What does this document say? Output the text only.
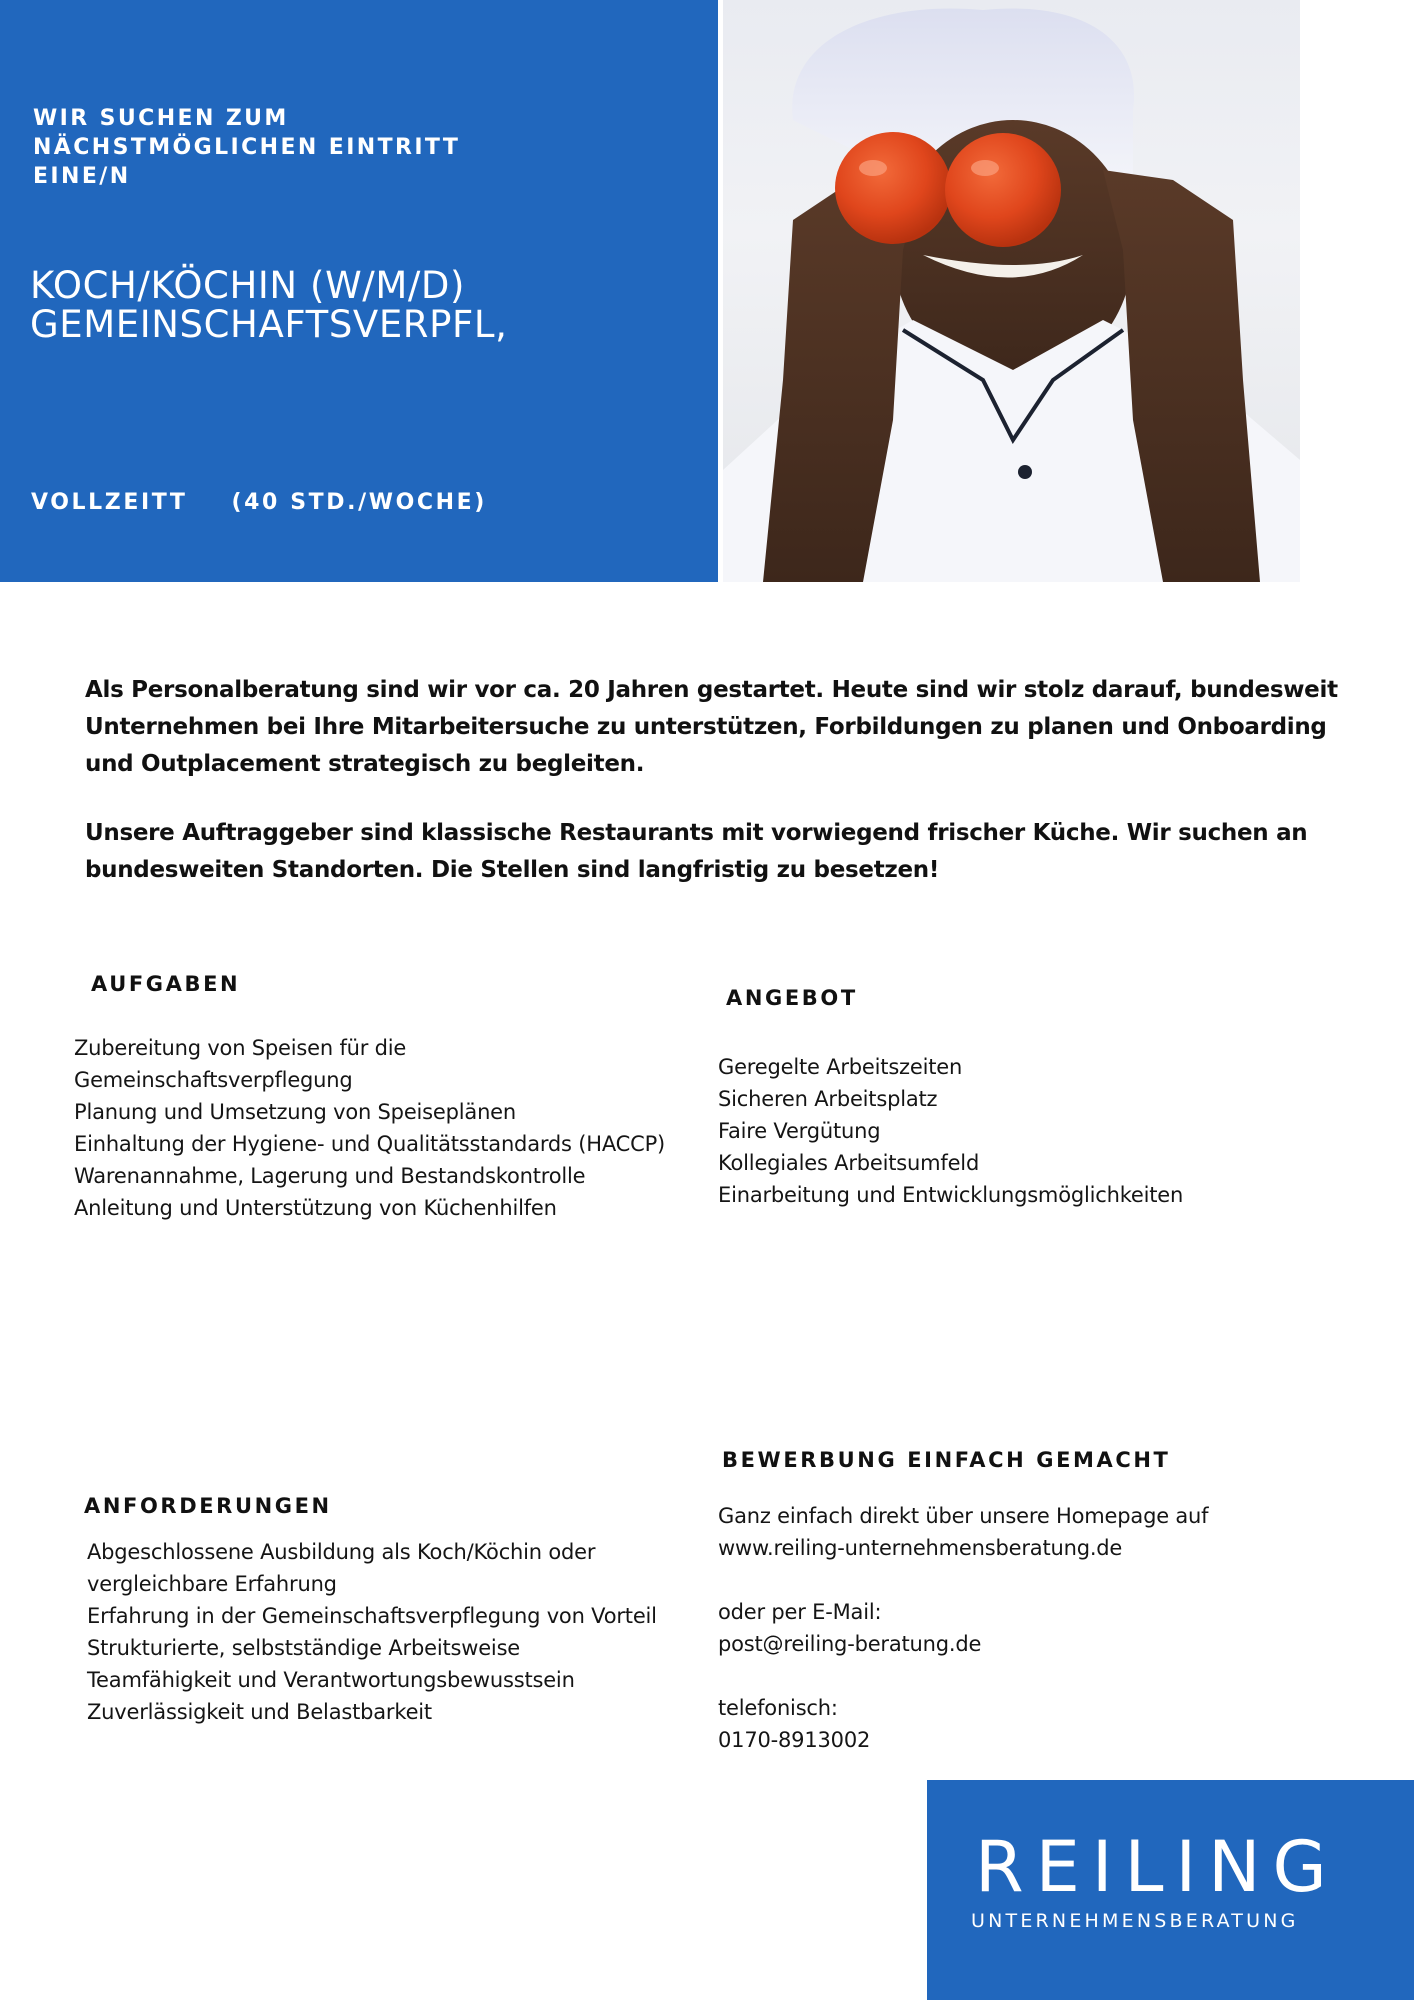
WIR SUCHEN ZUM
NÄCHSTMÖGLICHEN EINTRITT
EINE/N
KOCH/KÖCHIN (W/M/D)
GEMEINSCHAFTSVERPFL,
VOLLZEITT (40 STD./WOCHE)
Als Personalberatung sind wir vor ca. 20 Jahren gestartet. Heute sind wir stolz darauf, bundesweit
Unternehmen bei Ihre Mitarbeitersuche zu unterstützen, Forbildungen zu planen und Onboarding
und Outplacement strategisch zu begleiten.
Unsere Auftraggeber sind klassische Restaurants mit vorwiegend frischer Küche. Wir suchen an
bundesweiten Standorten. Die Stellen sind langfristig zu besetzen!
AUFGABEN
Zubereitung von Speisen für die
Gemeinschaftsverpflegung
Planung und Umsetzung von Speiseplänen
Einhaltung der Hygiene- und Qualitätsstandards (HACCP)
Warenannahme, Lagerung und Bestandskontrolle
Anleitung und Unterstützung von Küchenhilfen
ANGEBOT
Geregelte Arbeitszeiten
Sicheren Arbeitsplatz
Faire Vergütung
Kollegiales Arbeitsumfeld
Einarbeitung und Entwicklungsmöglichkeiten
ANFORDERUNGEN
Abgeschlossene Ausbildung als Koch/Köchin oder
vergleichbare Erfahrung
Erfahrung in der Gemeinschaftsverpflegung von Vorteil
Strukturierte, selbstständige Arbeitsweise
Teamfähigkeit und Verantwortungsbewusstsein
Zuverlässigkeit und Belastbarkeit
BEWERBUNG EINFACH GEMACHT
Ganz einfach direkt über unsere Homepage auf
www.reiling-unternehmensberatung.de
oder per E-Mail:
post@reiling-beratung.de
telefonisch:
0170-8913002
REILING
UNTERNEHMENSBERATUNG
